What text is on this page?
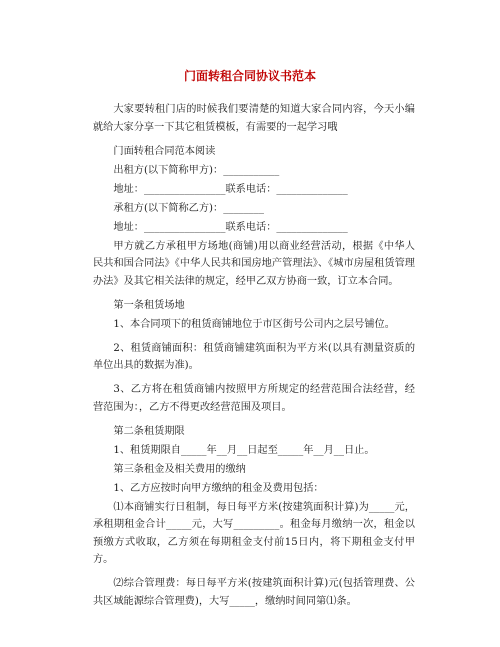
门面转租合同协议书范本

大家要转租门店的时候我们要清楚的知道大家合同内容，今天小编就给大家分享一下其它租赁模板，有需要的一起学习哦

门面转租合同范本阅读

出租方(以下简称甲方)：___________

地址：________________联系电话：______________

承租方(以下简称乙方)：________

地址：________________联系电话：______________

甲方就乙方承租甲方场地(商铺)用以商业经营活动，根据《中华人民共和国合同法》《中华人民共和国房地产管理法》、《城市房屋租赁管理办法》及其它相关法律的规定，经甲乙双方协商一致，订立本合同。

第一条租赁场地

1、本合同项下的租赁商铺地位于市区街号公司内之层号铺位。

2、租赁商铺面积：租赁商铺建筑面积为平方米(以具有测量资质的单位出具的数据为准)。

3、乙方将在租赁商铺内按照甲方所规定的经营范围合法经营，经营范围为：，乙方不得更改经营范围及项目。

第二条租赁期限

1、租赁期限自_____年__月__日起至_____年__月__日止。

第三条租金及相关费用的缴纳

1、乙方应按时向甲方缴纳的租金及费用包括：

⑴本商铺实行日租制，每日每平方米(按建筑面积计算)为_____元，承租期租金合计_____元，大写_________。租金每月缴纳一次，租金以预缴方式收取，乙方须在每期租金支付前15日内，将下期租金支付甲方。

⑵综合管理费：每日每平方米(按建筑面积计算)元(包括管理费、公共区域能源综合管理费)，大写_____，缴纳时间同第⑴条。
